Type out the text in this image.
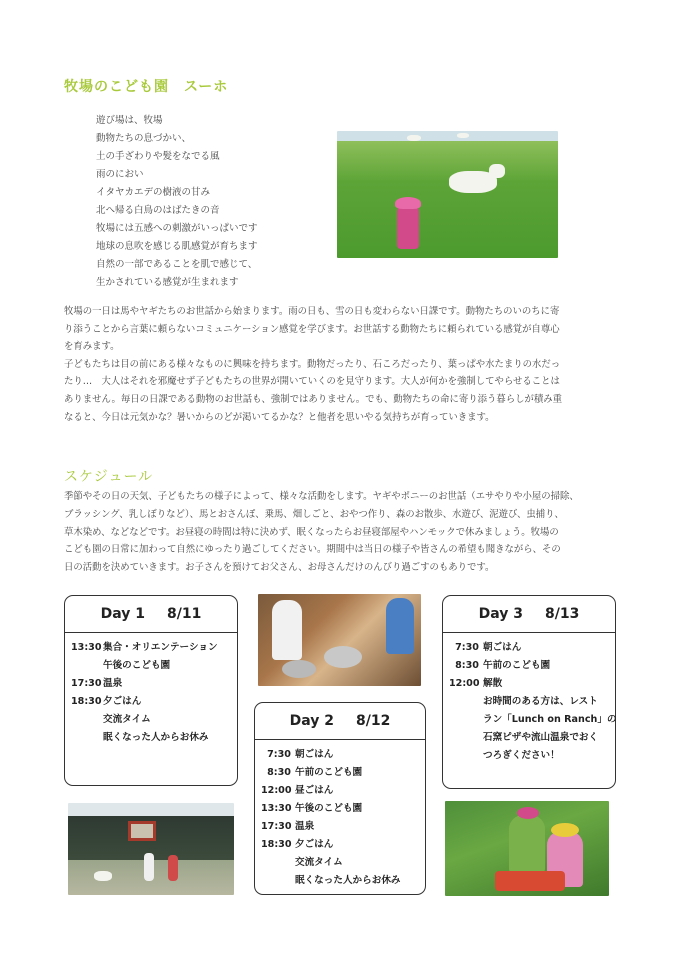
牧場のこども園　スーホ
遊び場は、牧場
動物たちの息づかい、
土の手ざわりや髪をなでる風
雨のにおい
イタヤカエデの樹液の甘み
北へ帰る白鳥のはばたきの音
牧場には五感への刺激がいっぱいです
地球の息吹を感じる肌感覚が育ちます
自然の一部であることを肌で感じて、
生かされている感覚が生まれます

牧場の一日は馬やヤギたちのお世話から始まります。雨の日も、雪の日も変わらない日課です。動物たちのいのちに寄

り添うことから言葉に頼らないコミュニケーション感覚を学びます。お世話する動物たちに頼られている感覚が自尊心

を育みます。

子どもたちは目の前にある様々なものに興味を持ちます。動物だったり、石ころだったり、葉っぱや水たまりの水だっ

たり…　大人はそれを邪魔せず子どもたちの世界が開いていくのを見守ります。大人が何かを強制してやらせることは

ありません。毎日の日課である動物のお世話も、強制ではありません。でも、動物たちの命に寄り添う暮らしが積み重

なると、今日は元気かな？暑いからのどが渇いてるかな？と他者を思いやる気持ちが育っていきます。

スケジュール

季節やその日の天気、子どもたちの様子によって、様々な活動をします。ヤギやポニーのお世話（エサやりや小屋の掃除、

ブラッシング、乳しぼりなど）、馬とおさんぽ、乗馬、畑しごと、おやつ作り、森のお散歩、水遊び、泥遊び、虫捕り、

草木染め、などなどです。お昼寝の時間は特に決めず、眠くなったらお昼寝部屋やハンモックで休みましょう。牧場の

こども園の日常に加わって自然にゆったり過ごしてください。期間中は当日の様子や皆さんの希望も聞きながら、その

日の活動を決めていきます。お子さんを預けてお父さん、お母さんだけのんびり過ごすのもありです。

Day 1 8/11
13:30 集合・オリエンテーション
午後のこども園
17:30 温泉
18:30 夕ごはん
交流タイム
眠くなった人からお休み
Day 2 8/12
7:30 朝ごはん
8:30 午前のこども園
12:00 昼ごはん
13:30 午後のこども園
17:30 温泉
18:30 夕ごはん
交流タイム
眠くなった人からお休み
Day 3 8/13
7:30 朝ごはん
8:30 午前のこども園
12:00 解散
お時間のある方は、レスト
ラン「Lunch on Ranch」の
石窯ピザや流山温泉でおく
つろぎください！
